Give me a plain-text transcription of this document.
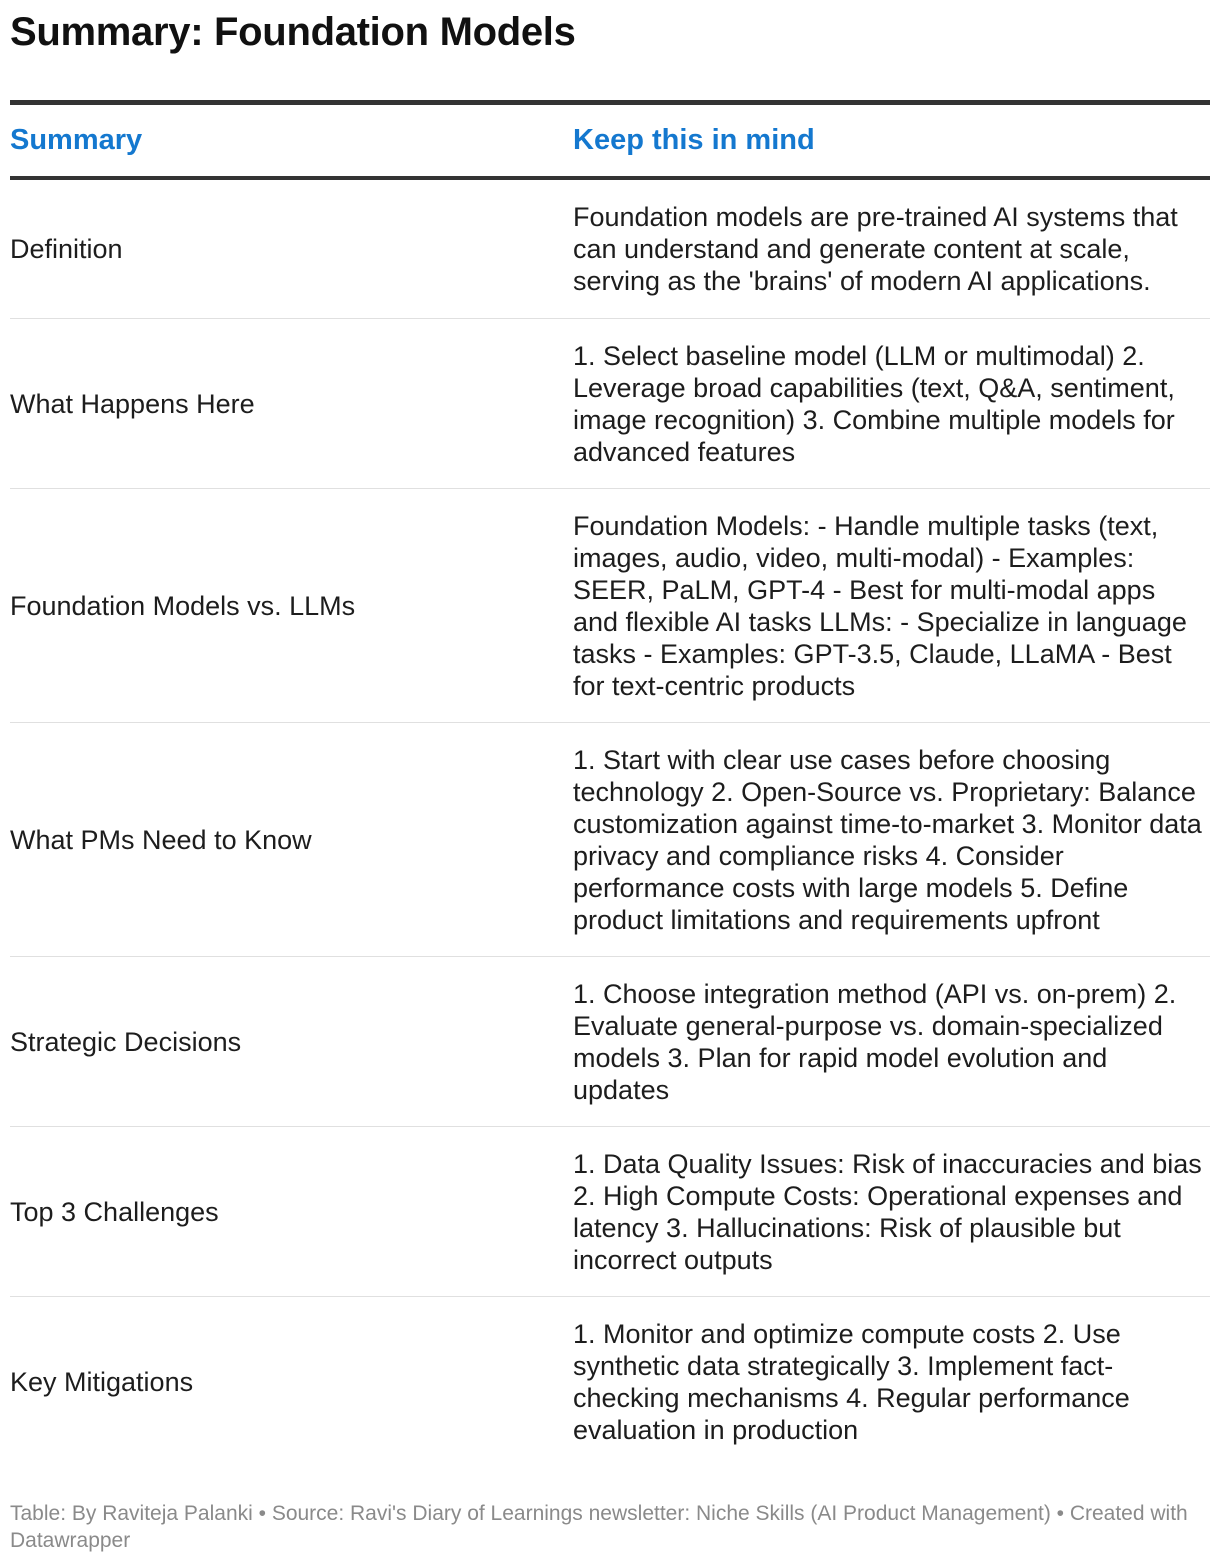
Summary: Foundation Models
Summary	Keep this in mind
Definition
Foundation models are pre-trained AI systems that can understand and generate content at scale, serving as the 'brains' of modern AI applications.
What Happens Here
1. Select baseline model (LLM or multimodal) 2. Leverage broad capabilities (text, Q&A, sentiment, image recognition) 3. Combine multiple models for advanced features
Foundation Models vs. LLMs
Foundation Models: - Handle multiple tasks (text, images, audio, video, multi-modal) - Examples: SEER, PaLM, GPT-4 - Best for multi-modal apps and flexible AI tasks LLMs: - Specialize in language tasks - Examples: GPT-3.5, Claude, LLaMA - Best for text-centric products
What PMs Need to Know
1. Start with clear use cases before choosing technology 2. Open-Source vs. Proprietary: Balance customization against time-to-market 3. Monitor data privacy and compliance risks 4. Consider performance costs with large models 5. Define product limitations and requirements upfront
Strategic Decisions
1. Choose integration method (API vs. on-prem) 2. Evaluate general-purpose vs. domain-specialized models 3. Plan for rapid model evolution and updates
Top 3 Challenges
1. Data Quality Issues: Risk of inaccuracies and bias 2. High Compute Costs: Operational expenses and latency 3. Hallucinations: Risk of plausible but incorrect outputs
Key Mitigations
1. Monitor and optimize compute costs 2. Use synthetic data strategically 3. Implement fact-checking mechanisms 4. Regular performance evaluation in production
Table: By Raviteja Palanki • Source: Ravi's Diary of Learnings newsletter: Niche Skills (AI Product Management) • Created with Datawrapper
